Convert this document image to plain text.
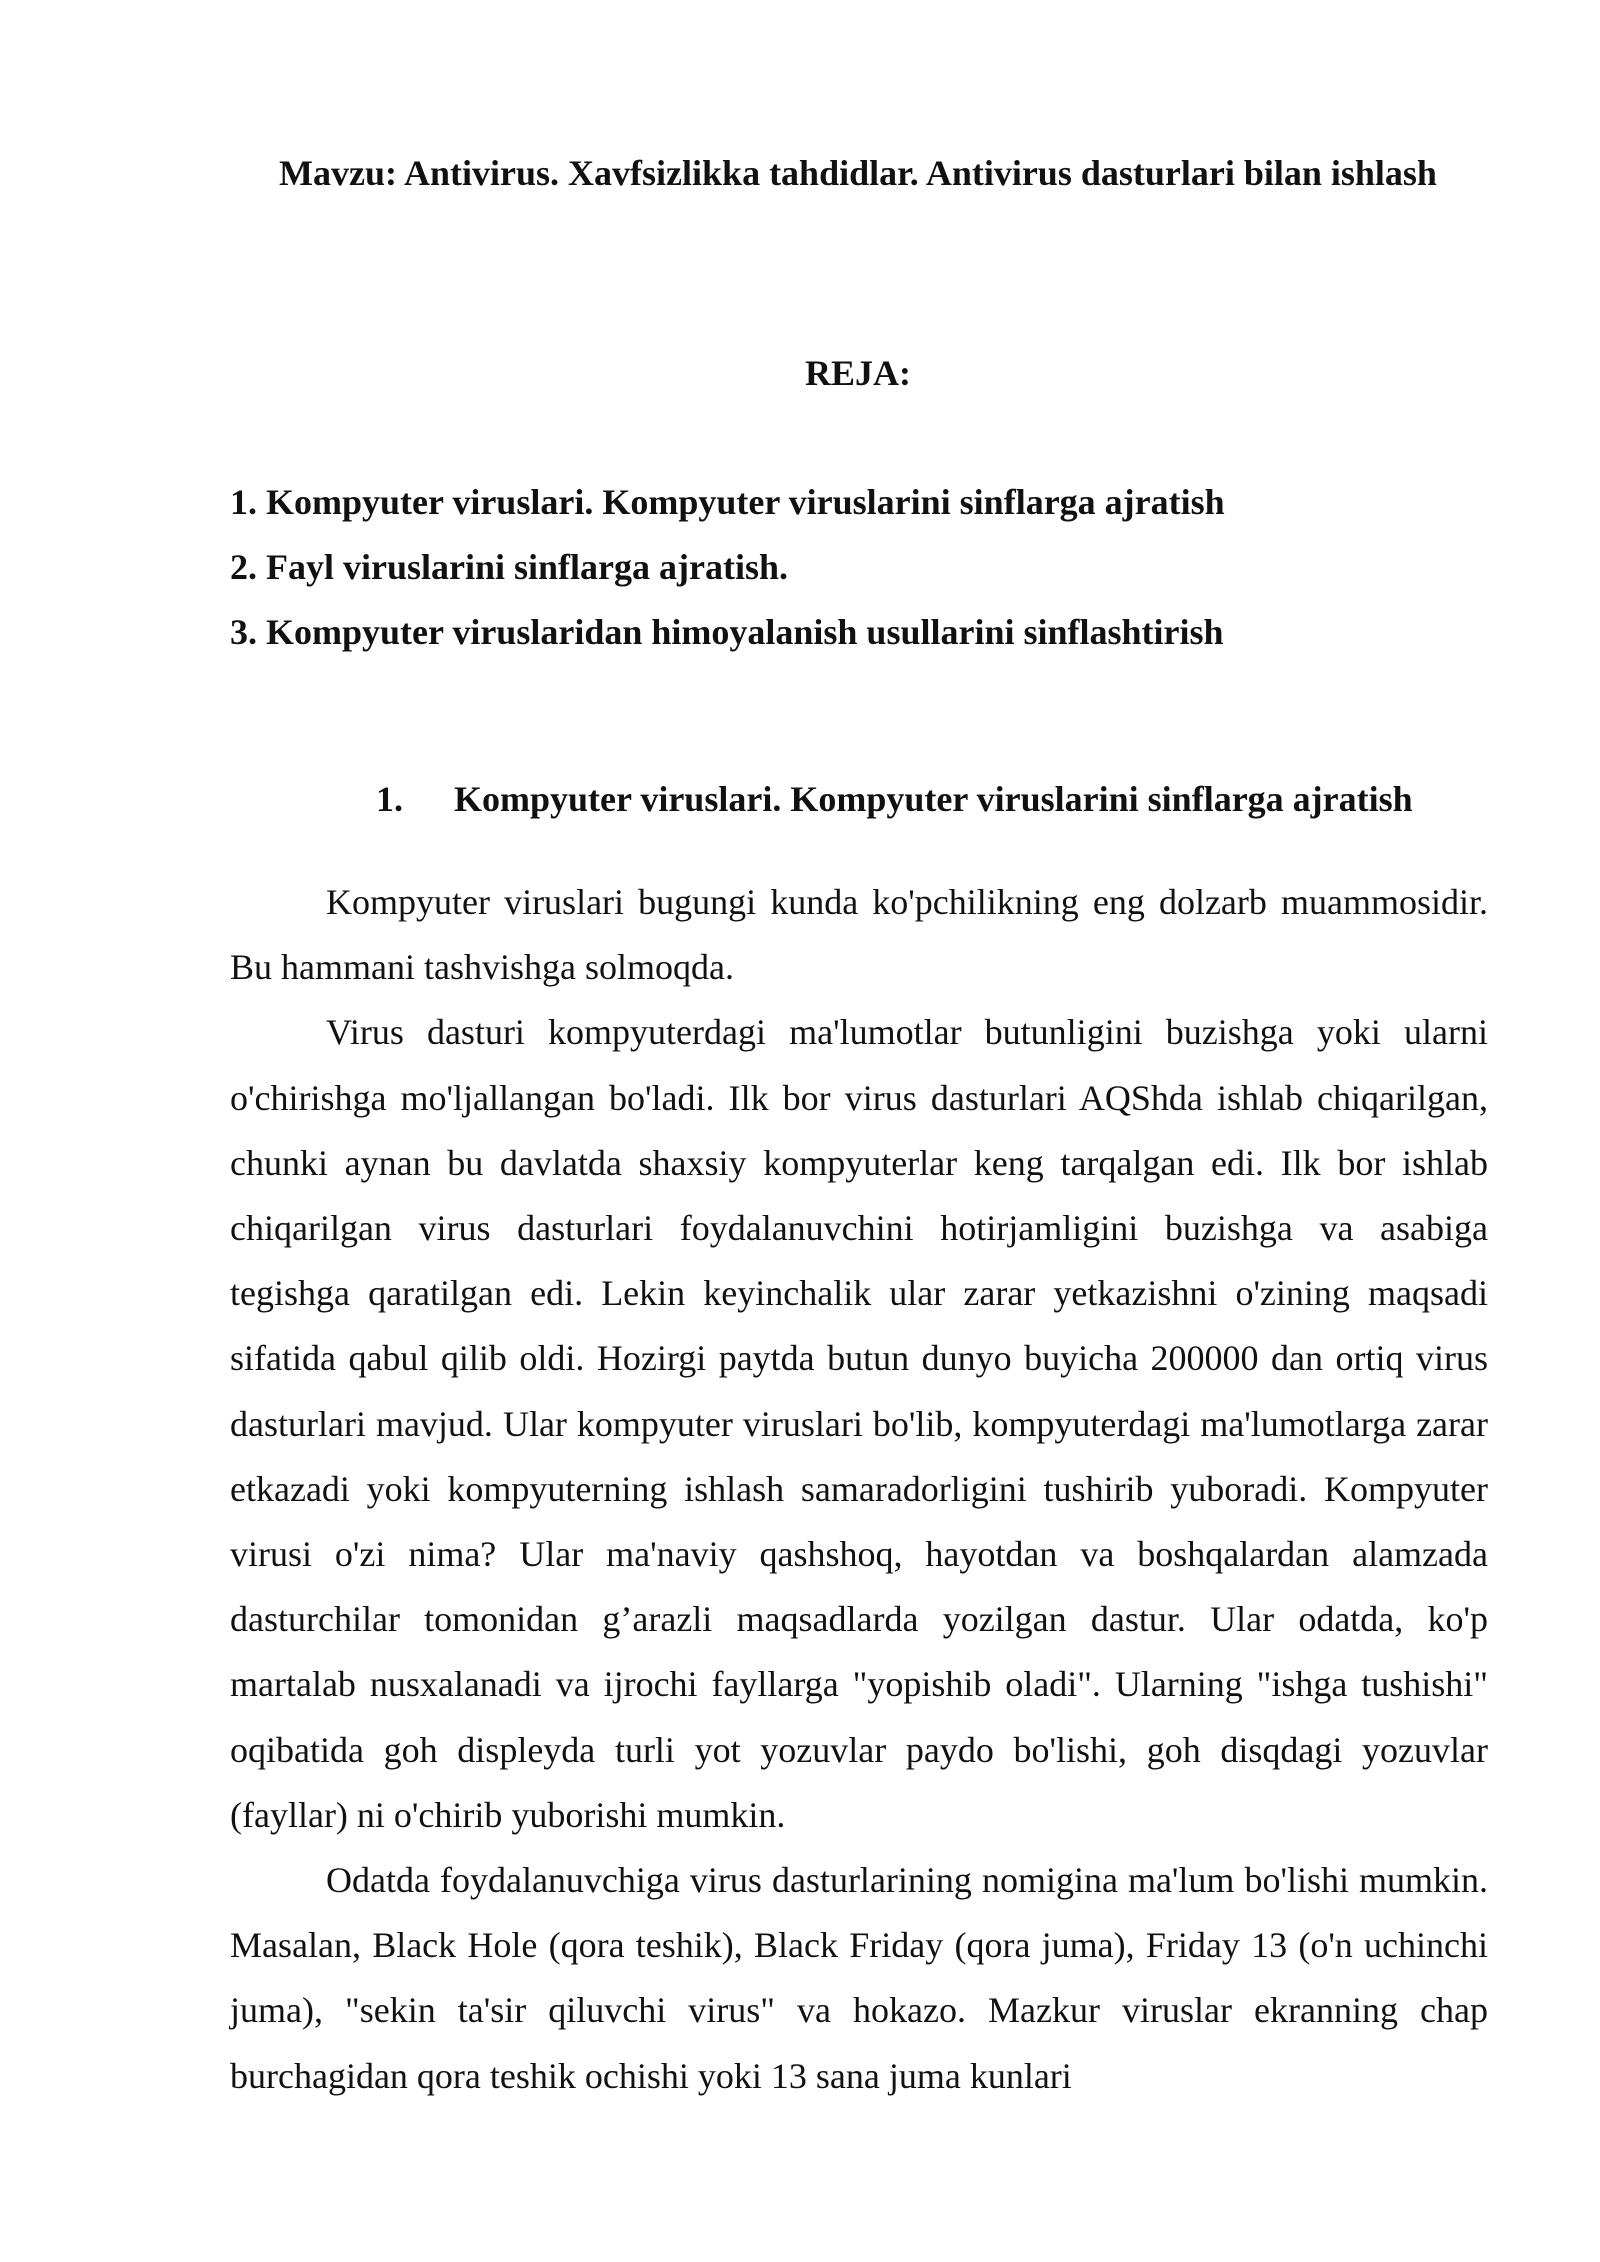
Mavzu: Antivirus. Xavfsizlikka tahdidlar. Antivirus dasturlari bilan ishlash
REJA:
1. Kompyuter viruslari. Kompyuter viruslarini sinflarga ajratish
2. Fayl viruslarini sinflarga ajratish.
3. Kompyuter viruslaridan himoyalanish usullarini sinflashtirish
1. Kompyuter viruslari. Kompyuter viruslarini sinflarga ajratish

Kompyuter viruslari bugungi kunda ko'pchilikning eng dolzarb muammosidir. Bu hammani tashvishga solmoqda.

Virus dasturi kompyuterdagi ma'lumotlar butunligini buzishga yoki ularni o'chirishga mo'ljallangan bo'ladi. Ilk bor virus dasturlari AQShda ishlab chiqarilgan, chunki aynan bu davlatda shaxsiy kompyuterlar keng tarqalgan edi. Ilk bor ishlab chiqarilgan virus dasturlari foydalanuvchini hotirjamligini buzishga va asabiga tegishga qaratilgan edi. Lekin keyinchalik ular zarar yetkazishni o'zining maqsadi sifatida qabul qilib oldi. Hozirgi paytda butun dunyo buyicha 200000 dan ortiq virus dasturlari mavjud. Ular kompyuter viruslari bo'lib, kompyuterdagi ma'lumotlarga zarar etkazadi yoki kompyuterning ishlash samaradorligini tushirib yuboradi. Kompyuter virusi o'zi nima? Ular ma'naviy qashshoq, hayotdan va boshqalardan alamzada dasturchilar tomonidan g’arazli maqsadlarda yozilgan dastur. Ular odatda, ko'p martalab nusxalanadi va ijrochi fayllarga "yopishib oladi". Ularning "ishga tushishi" oqibatida goh displeyda turli yot yozuvlar paydo bo'lishi, goh disqdagi yozuvlar (fayllar) ni o'chirib yuborishi mumkin.

Odatda foydalanuvchiga virus dasturlarining nomigina ma'lum bo'lishi mumkin. Masalan, Black Hole (qora teshik), Black Friday (qora juma), Friday 13 (o'n uchinchi juma), "sekin ta'sir qiluvchi virus" va hokazo. Mazkur viruslar ekranning chap burchagidan qora teshik ochishi yoki 13 sana juma kunlari
